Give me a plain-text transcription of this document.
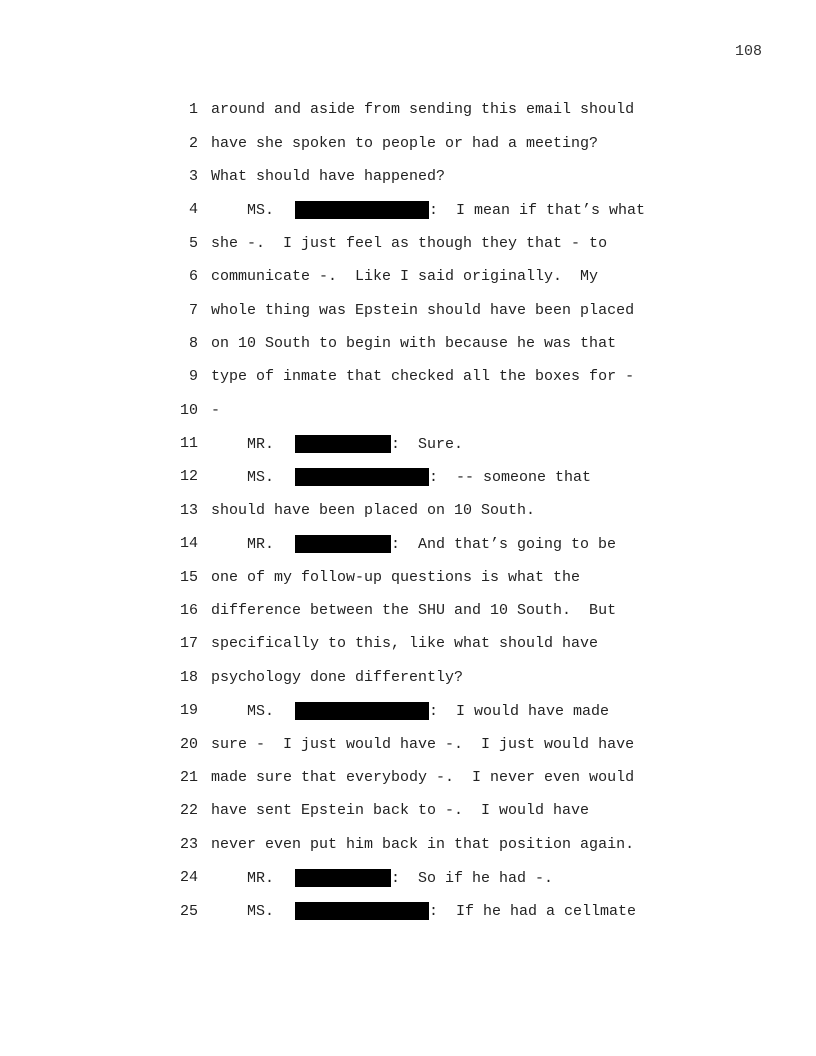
108
1 around and aside from sending this email should
2 have she spoken to people or had a meeting?
3 What should have happened?
4	MS.	:  I mean if that’s what
5 she -.  I just feel as though they that - to
6 communicate -.  Like I said originally.  My
7 whole thing was Epstein should have been placed
8 on 10 South to begin with because he was that
9 type of inmate that checked all the boxes for -
10 -
11	MR.	:  Sure.
12	MS.	:  -- someone that
13 should have been placed on 10 South.
14	MR.	:  And that’s going to be
15 one of my follow-up questions is what the
16 difference between the SHU and 10 South.  But
17 specifically to this, like what should have
18 psychology done differently?
19	MS.	:  I would have made
20 sure -  I just would have -.  I just would have
21 made sure that everybody -.  I never even would
22 have sent Epstein back to -.  I would have
23 never even put him back in that position again.
24	MR.	:  So if he had -.
25	MS.	:  If he had a cellmate
